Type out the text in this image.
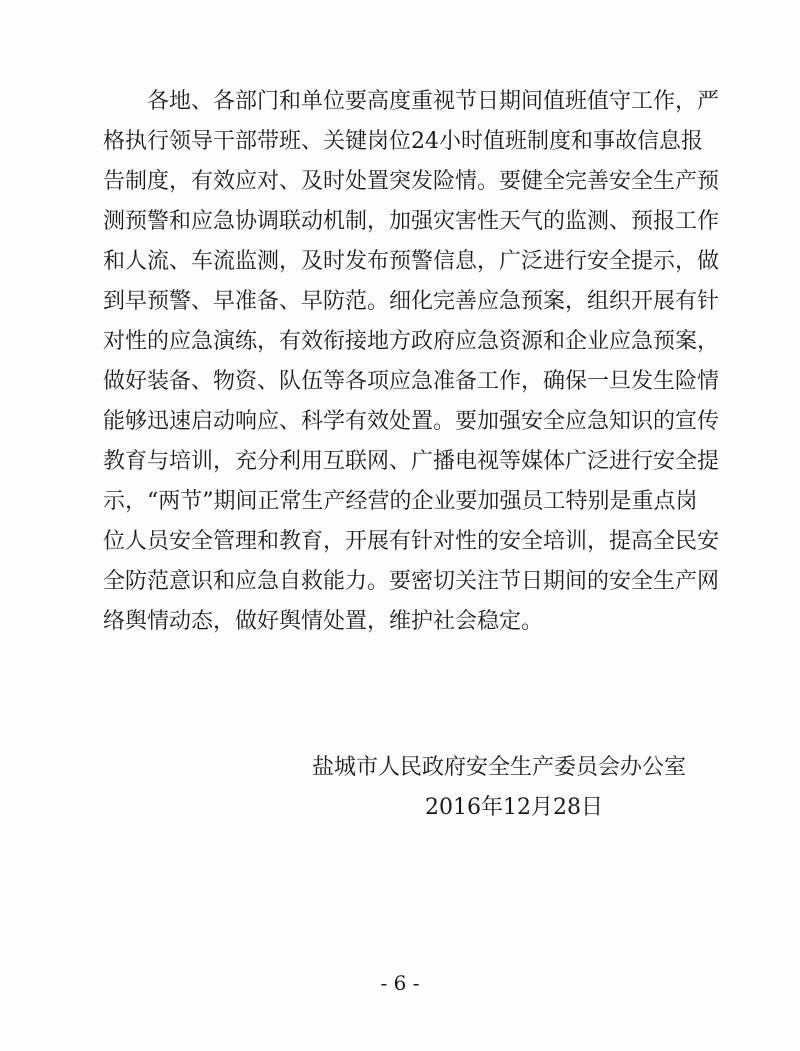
各地、各部门和单位要高度重视节日期间值班值守工作，严
格执行领导干部带班、关键岗位24小时值班制度和事故信息报
告制度，有效应对、及时处置突发险情。要健全完善安全生产预
测预警和应急协调联动机制，加强灾害性天气的监测、预报工作
和人流、车流监测，及时发布预警信息，广泛进行安全提示，做
到早预警、早准备、早防范。细化完善应急预案，组织开展有针
对性的应急演练，有效衔接地方政府应急资源和企业应急预案，
做好装备、物资、队伍等各项应急准备工作，确保一旦发生险情
能够迅速启动响应、科学有效处置。要加强安全应急知识的宣传
教育与培训，充分利用互联网、广播电视等媒体广泛进行安全提
示，“两节”期间正常生产经营的企业要加强员工特别是重点岗
位人员安全管理和教育，开展有针对性的安全培训，提高全民安
全防范意识和应急自救能力。要密切关注节日期间的安全生产网
络舆情动态，做好舆情处置，维护社会稳定。
盐城市人民政府安全生产委员会办公室
2016年12月28日
- 6 -
